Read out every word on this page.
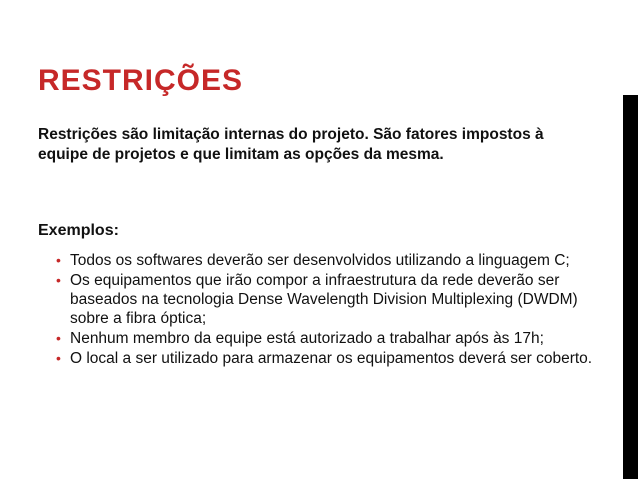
RESTRIÇÕES
Restrições são limitação internas do projeto. São fatores impostos à equipe de projetos e que limitam as opções da mesma.
Exemplos:
• Todos os softwares deverão ser desenvolvidos utilizando a linguagem C;
• Os equipamentos que irão compor a infraestrutura da rede deverão ser baseados na tecnologia Dense Wavelength Division Multiplexing (DWDM) sobre a fibra óptica;
• Nenhum membro da equipe está autorizado a trabalhar após às 17h;
• O local a ser utilizado para armazenar os equipamentos deverá ser coberto.
